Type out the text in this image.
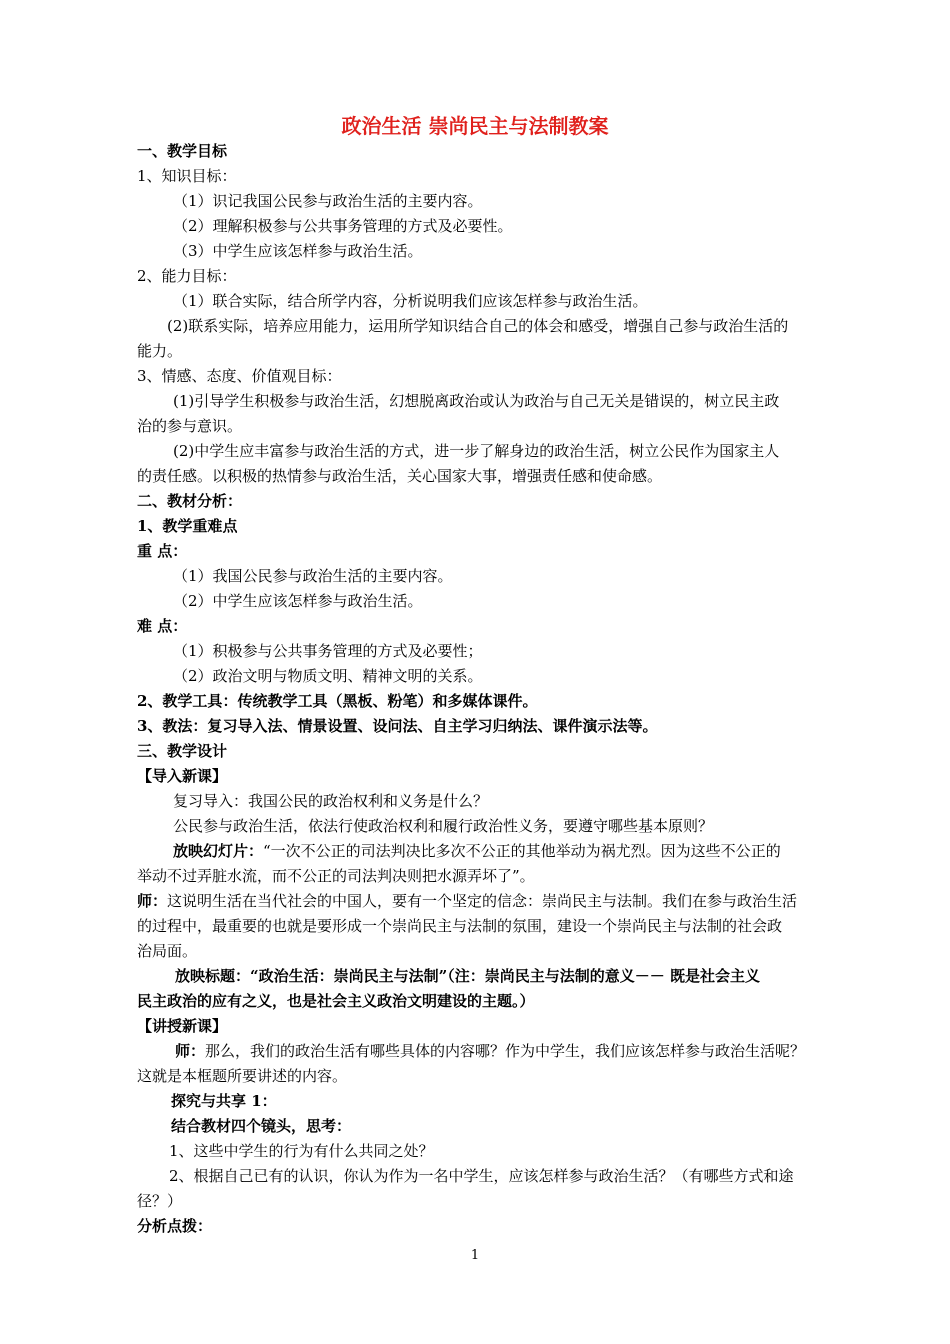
政治生活 崇尚民主与法制教案
一、教学目标
1、知识目标：
（1）识记我国公民参与政治生活的主要内容。
（2）理解积极参与公共事务管理的方式及必要性。
（3）中学生应该怎样参与政治生活。
2、能力目标：
（1）联合实际，结合所学内容，分析说明我们应该怎样参与政治生活。
(2)联系实际，培养应用能力，运用所学知识结合自己的体会和感受，增强自己参与政治生活的
能力。
3、情感、态度、价值观目标：
(1)引导学生积极参与政治生活，幻想脱离政治或认为政治与自己无关是错误的，树立民主政
治的参与意识。
(2)中学生应丰富参与政治生活的方式，进一步了解身边的政治生活，树立公民作为国家主人
的责任感。以积极的热情参与政治生活，关心国家大事，增强责任感和使命感。
二、教材分析：
1、教学重难点
重 点：
（1）我国公民参与政治生活的主要内容。
（2）中学生应该怎样参与政治生活。
难 点：
（1）积极参与公共事务管理的方式及必要性；
（2）政治文明与物质文明、精神文明的关系。
2、教学工具：传统教学工具（黑板、粉笔）和多媒体课件。
3、教法：复习导入法、情景设置、设问法、自主学习归纳法、课件演示法等。
三、教学设计
【导入新课】
复习导入：我国公民的政治权利和义务是什么？
公民参与政治生活，依法行使政治权利和履行政治性义务，要遵守哪些基本原则？
放映幻灯片：“一次不公正的司法判决比多次不公正的其他举动为祸尤烈。因为这些不公正的
举动不过弄脏水流，而不公正的司法判决则把水源弄坏了”。
师：这说明生活在当代社会的中国人，要有一个坚定的信念：崇尚民主与法制。我们在参与政治生活
的过程中，最重要的也就是要形成一个崇尚民主与法制的氛围，建设一个崇尚民主与法制的社会政
治局面。
放映标题：“政治生活：崇尚民主与法制”（注：崇尚民主与法制的意义－－ 既是社会主义
民主政治的应有之义，也是社会主义政治文明建设的主题。）
【讲授新课】
师：那么，我们的政治生活有哪些具体的内容哪？作为中学生，我们应该怎样参与政治生活呢？
这就是本框题所要讲述的内容。
探究与共享 1：
结合教材四个镜头，思考：
1、这些中学生的行为有什么共同之处？
2、根据自己已有的认识，你认为作为一名中学生，应该怎样参与政治生活？（有哪些方式和途
径？）
分析点拨：
1
